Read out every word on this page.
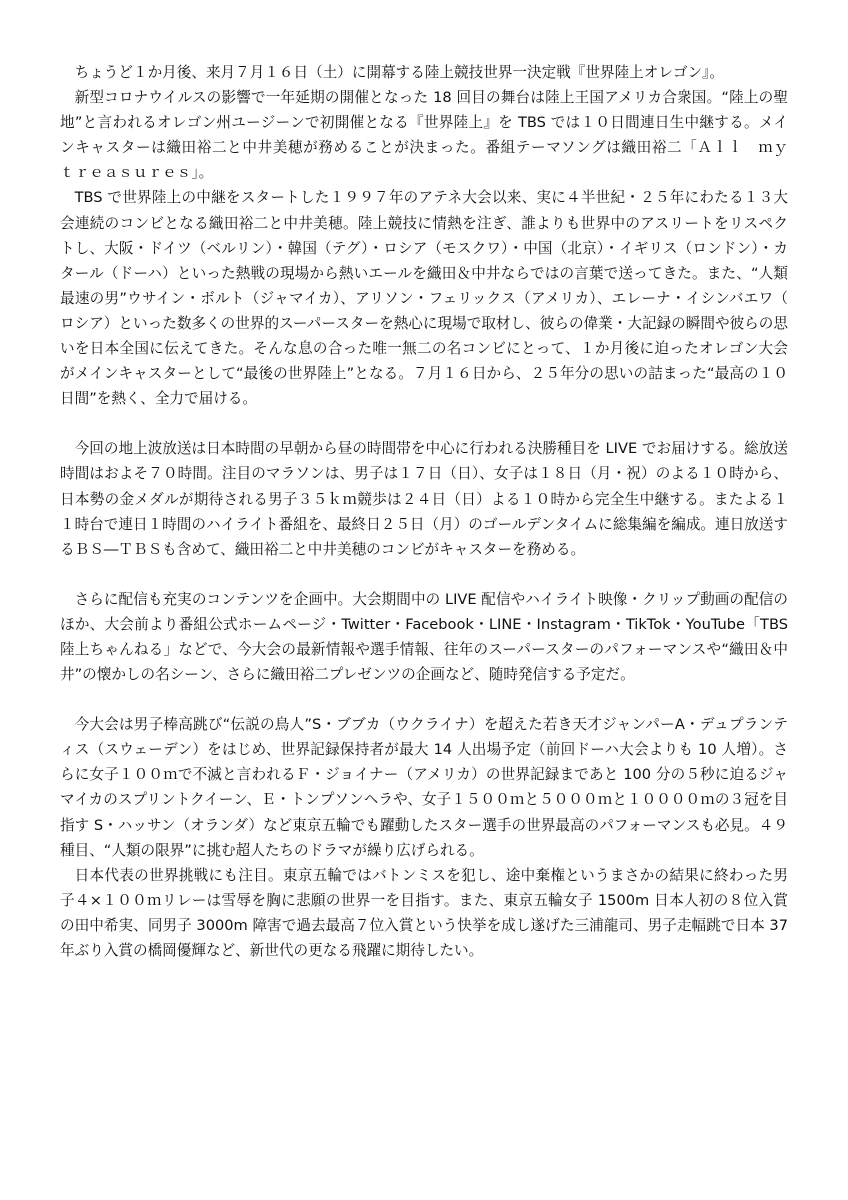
ちょうど１か月後、来月７月１６日（土）に開幕する陸上競技世界一決定戦『世界陸上オレゴン』。

新型コロナウイルスの影響で一年延期の開催となった 18 回目の舞台は陸上王国アメリカ合衆国。“陸上の聖地”と言われるオレゴン州ユージーンで初開催となる『世界陸上』を TBS では１０日間連日生中継する。メインキャスターは織田裕二と中井美穂が務めることが決まった。番組テーマソングは織田裕二「Ａｌｌ　ｍｙ　ｔｒｅａｓｕｒｅｓ」。

TBS で世界陸上の中継をスタートした１９９７年のアテネ大会以来、実に４半世紀・２５年にわたる１３大会連続のコンビとなる織田裕二と中井美穂。陸上競技に情熱を注ぎ、誰よりも世界中のアスリートをリスペクトし、大阪・ドイツ（ベルリン）・韓国（テグ）・ロシア（モスクワ）・中国（北京）・イギリス（ロンドン）・カタール（ドーハ）といった熱戦の現場から熱いエールを織田＆中井ならではの言葉で送ってきた。また、“人類最速の男”ウサイン・ボルト（ジャマイカ）、アリソン・フェリックス（アメリカ）、エレーナ・イシンバエワ（ロシア）といった数多くの世界的スーパースターを熱心に現場で取材し、彼らの偉業・大記録の瞬間や彼らの思いを日本全国に伝えてきた。そんな息の合った唯一無二の名コンビにとって、１か月後に迫ったオレゴン大会がメインキャスターとして“最後の世界陸上”となる。７月１６日から、２５年分の思いの詰まった“最高の１０日間”を熱く、全力で届ける。

今回の地上波放送は日本時間の早朝から昼の時間帯を中心に行われる決勝種目を LIVE でお届けする。総放送時間はおよそ７０時間。注目のマラソンは、男子は１７日（日）、女子は１８日（月・祝）のよる１０時から、日本勢の金メダルが期待される男子３５ｋｍ競歩は２４日（日）よる１０時から完全生中継する。またよる１１時台で連日１時間のハイライト番組を、最終日２５日（月）のゴールデンタイムに総集編を編成。連日放送するＢＳ―ＴＢＳも含めて、織田裕二と中井美穂のコンビがキャスターを務める。

さらに配信も充実のコンテンツを企画中。大会期間中の LIVE 配信やハイライト映像・クリップ動画の配信のほか、大会前より番組公式ホームページ・Twitter・Facebook・LINE・Instagram・TikTok・YouTube「TBS 陸上ちゃんねる」などで、今大会の最新情報や選手情報、往年のスーパースターのパフォーマンスや“織田＆中井”の懐かしの名シーン、さらに織田裕二プレゼンツの企画など、随時発信する予定だ。

今大会は男子棒高跳び“伝説の鳥人”S・ブブカ（ウクライナ）を超えた若き天才ジャンパーA・デュプランティス（スウェーデン）をはじめ、世界記録保持者が最大 14 人出場予定（前回ドーハ大会よりも 10 人増）。さらに女子１００ｍで不滅と言われるＦ・ジョイナー（アメリカ）の世界記録まであと 100 分の５秒に迫るジャマイカのスプリントクイーン、Ｅ・トンプソンヘラや、女子１５００ｍと５０００ｍと１００００ｍの３冠を目指す S・ハッサン（オランダ）など東京五輪でも躍動したスター選手の世界最高のパフォーマンスも必見。４９種目、“人類の限界”に挑む超人たちのドラマが繰り広げられる。

日本代表の世界挑戦にも注目。東京五輪ではバトンミスを犯し、途中棄権というまさかの結果に終わった男子４×１００ｍリレーは雪辱を胸に悲願の世界一を目指す。また、東京五輪女子 1500m 日本人初の８位入賞の田中希実、同男子 3000m 障害で過去最高７位入賞という快挙を成し遂げた三浦龍司、男子走幅跳で日本 37 年ぶり入賞の橋岡優輝など、新世代の更なる飛躍に期待したい。
